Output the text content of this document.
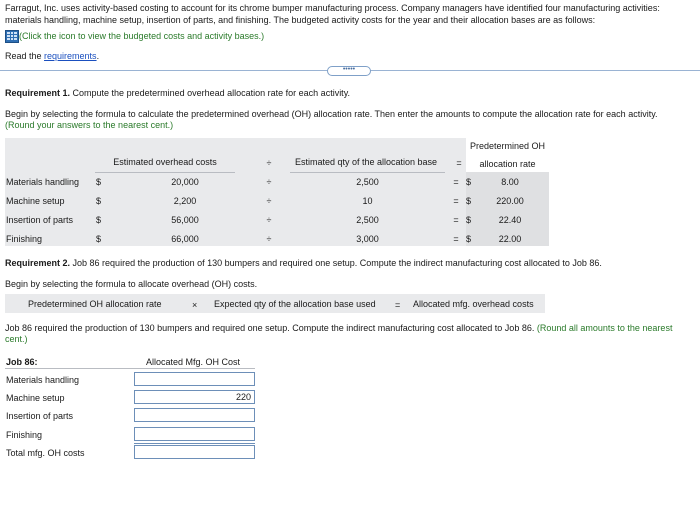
Farragut, Inc. uses activity-based costing to account for its chrome bumper manufacturing process. Company managers have identified four manufacturing activities: materials handling, machine setup, insertion of parts, and finishing. The budgeted activity costs for the year and their allocation bases are as follows:
(Click the icon to view the budgeted costs and activity bases.)
Read the requirements.
•••••
Requirement 1. Compute the predetermined overhead allocation rate for each activity.
Begin by selecting the formula to calculate the predetermined overhead (OH) allocation rate. Then enter the amounts to compute the allocation rate for each activity.
(Round your answers to the nearest cent.)
Estimated overhead costs	÷	Estimated qty of the allocation base	=
Predetermined OH
allocation rate
Materials handling	$	20,000	÷	2,500	= $	8.00
Machine setup	$	2,200	÷	10	= $	220.00
Insertion of parts	$	56,000	÷	2,500	= $	22.40
Finishing	$	66,000	÷	3,000	= $	22.00
Requirement 2. Job 86 required the production of 130 bumpers and required one setup. Compute the indirect manufacturing cost allocated to Job 86.
Begin by selecting the formula to allocate overhead (OH) costs.
Predetermined OH allocation rate	× Expected qty of the allocation base used = Allocated mfg. overhead costs
Job 86 required the production of 130 bumpers and required one setup. Compute the indirect manufacturing cost allocated to Job 86. (Round all amounts to the nearest cent.)
Job 86:	Allocated Mfg. OH Cost
Materials handling
Machine setup	220
Insertion of parts
Finishing
Total mfg. OH costs
